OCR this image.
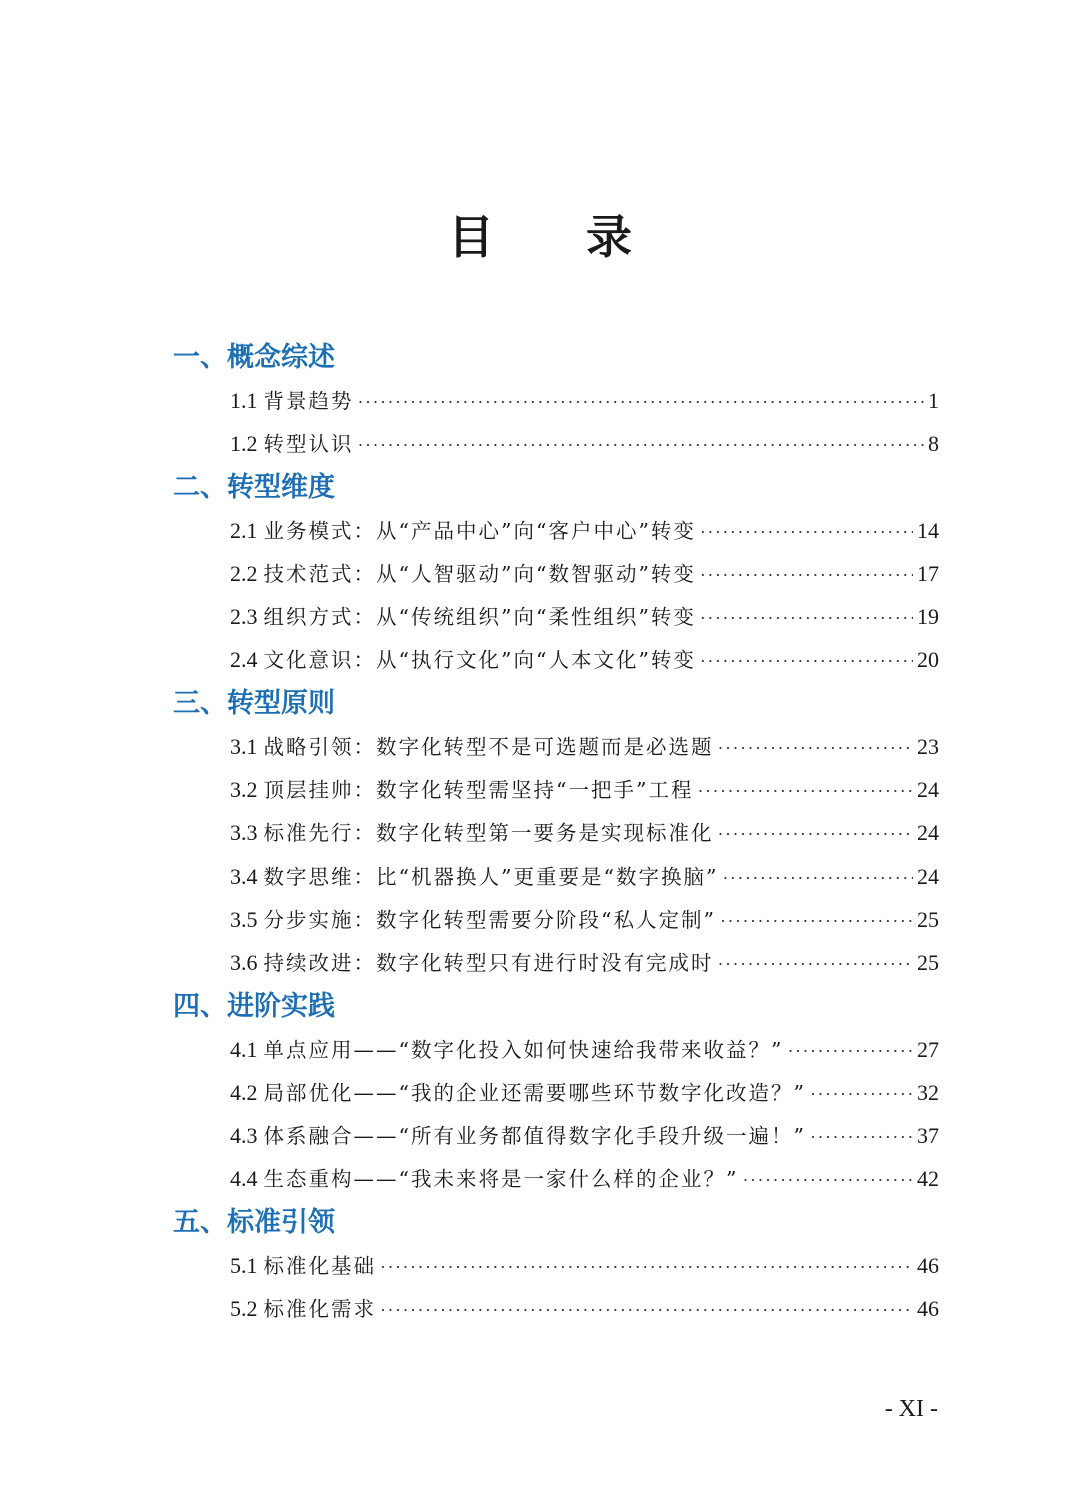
目 录
一、概念综述
1.1 背景趋势 ·····	1
1.2 转型认识 ·····	8
二、转型维度
2.1 业务模式：从“产品中心”向“客户中心”转变 ·····	14
2.2 技术范式：从“人智驱动”向“数智驱动”转变 ·····	17
2.3 组织方式：从“传统组织”向“柔性组织”转变 ·····	19
2.4 文化意识：从“执行文化”向“人本文化”转变 ·····	20
三、转型原则
3.1 战略引领：数字化转型不是可选题而是必选题 ·····	23
3.2 顶层挂帅：数字化转型需坚持“一把手”工程 ·····	24
3.3 标准先行：数字化转型第一要务是实现标准化 ·····	24
3.4 数字思维：比“机器换人”更重要是“数字换脑” ·····	24
3.5 分步实施：数字化转型需要分阶段“私人定制” ·····	25
3.6 持续改进：数字化转型只有进行时没有完成时 ·····	25
四、进阶实践
4.1 单点应用——“数字化投入如何快速给我带来收益？” ·····	27
4.2 局部优化——“我的企业还需要哪些环节数字化改造？” ·····	32
4.3 体系融合——“所有业务都值得数字化手段升级一遍！” ·····	37
4.4 生态重构——“我未来将是一家什么样的企业？” ·····	42
五、标准引领
5.1 标准化基础 ·····	46
5.2 标准化需求 ·····	46
- XI -
